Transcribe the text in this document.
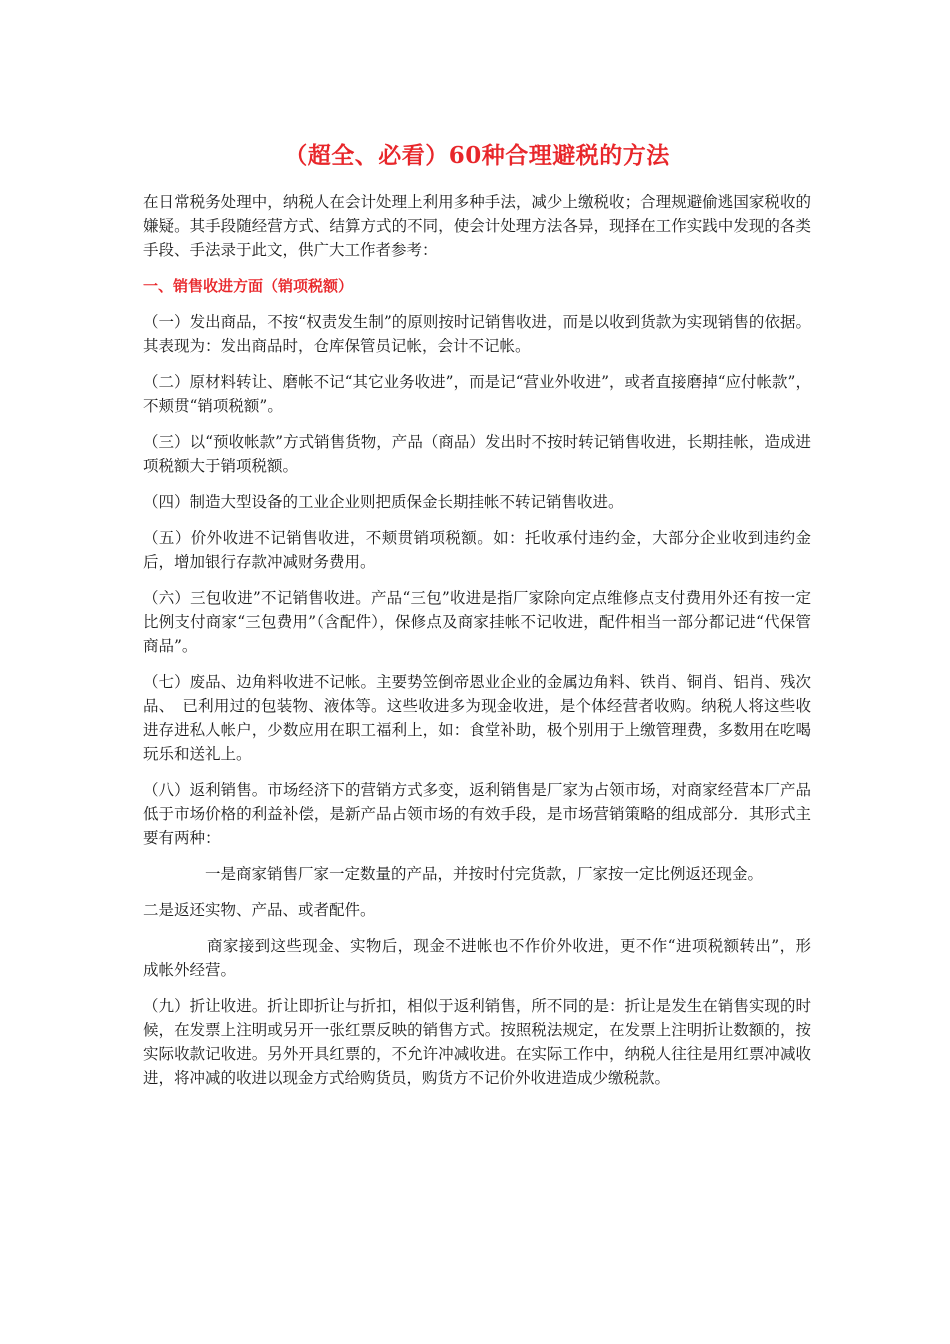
（超全、必看）60种合理避税的方法

在日常税务处理中，纳税人在会计处理上利用多种手法，减少上缴税收；合理规避偷逃国家税收的嫌疑。其手段随经营方式、结算方式的不同，使会计处理方法各异，现择在工作实践中发现的各类手段、手法录于此文，供广大工作者参考：

一、销售收进方面（销项税额）

（一）发出商品，不按“权责发生制”的原则按时记销售收进，而是以收到货款为实现销售的依据。其表现为：发出商品时，仓库保管员记帐，会计不记帐。

（二）原材料转让、磨帐不记“其它业务收进”，而是记“营业外收进”，或者直接磨掉“应付帐款”，不颊贯“销项税额”。

（三）以“预收帐款”方式销售货物，产品（商品）发出时不按时转记销售收进，长期挂帐，造成进项税额大于销项税额。

（四）制造大型设备的工业企业则把质保金长期挂帐不转记销售收进。

（五）价外收进不记销售收进，不颊贯销项税额。如：托收承付违约金，大部分企业收到违约金后，增加银行存款冲减财务费用。

（六）三包收进”不记销售收进。产品“三包”收进是指厂家除向定点维修点支付费用外还有按一定比例支付商家“三包费用”（含配件），保修点及商家挂帐不记收进，配件相当一部分都记进“代保管商品”。

（七）废品、边角料收进不记帐。主要势笠倒帝恩业企业的金属边角料、铁肖、铜肖、铝肖、残次品、　已利用过的包装物、液体等。这些收进多为现金收进，是个体经营者收购。纳税人将这些收进存进私人帐户，少数应用在职工福利上，如：食堂补助，极个别用于上缴管理费，多数用在吃喝玩乐和送礼上。

（八）返利销售。市场经济下的营销方式多变，返利销售是厂家为占领市场，对商家经营本厂产品低于市场价格的利益补偿，是新产品占领市场的有效手段，是市场营销策略的组成部分．其形式主要有两种：

一是商家销售厂家一定数量的产品，并按时付完货款，厂家按一定比例返还现金。

二是返还实物、产品、或者配件。

商家接到这些现金、实物后，现金不进帐也不作价外收进，更不作“进项税额转出”，形成帐外经营。

（九）折让收进。折让即折让与折扣，相似于返利销售，所不同的是：折让是发生在销售实现的时候，在发票上注明或另开一张红票反映的销售方式。按照税法规定，在发票上注明折让数额的，按实际收款记收进。另外开具红票的，不允许冲减收进。在实际工作中，纳税人往往是用红票冲减收进，将冲减的收进以现金方式给购货员，购货方不记价外收进造成少缴税款。
